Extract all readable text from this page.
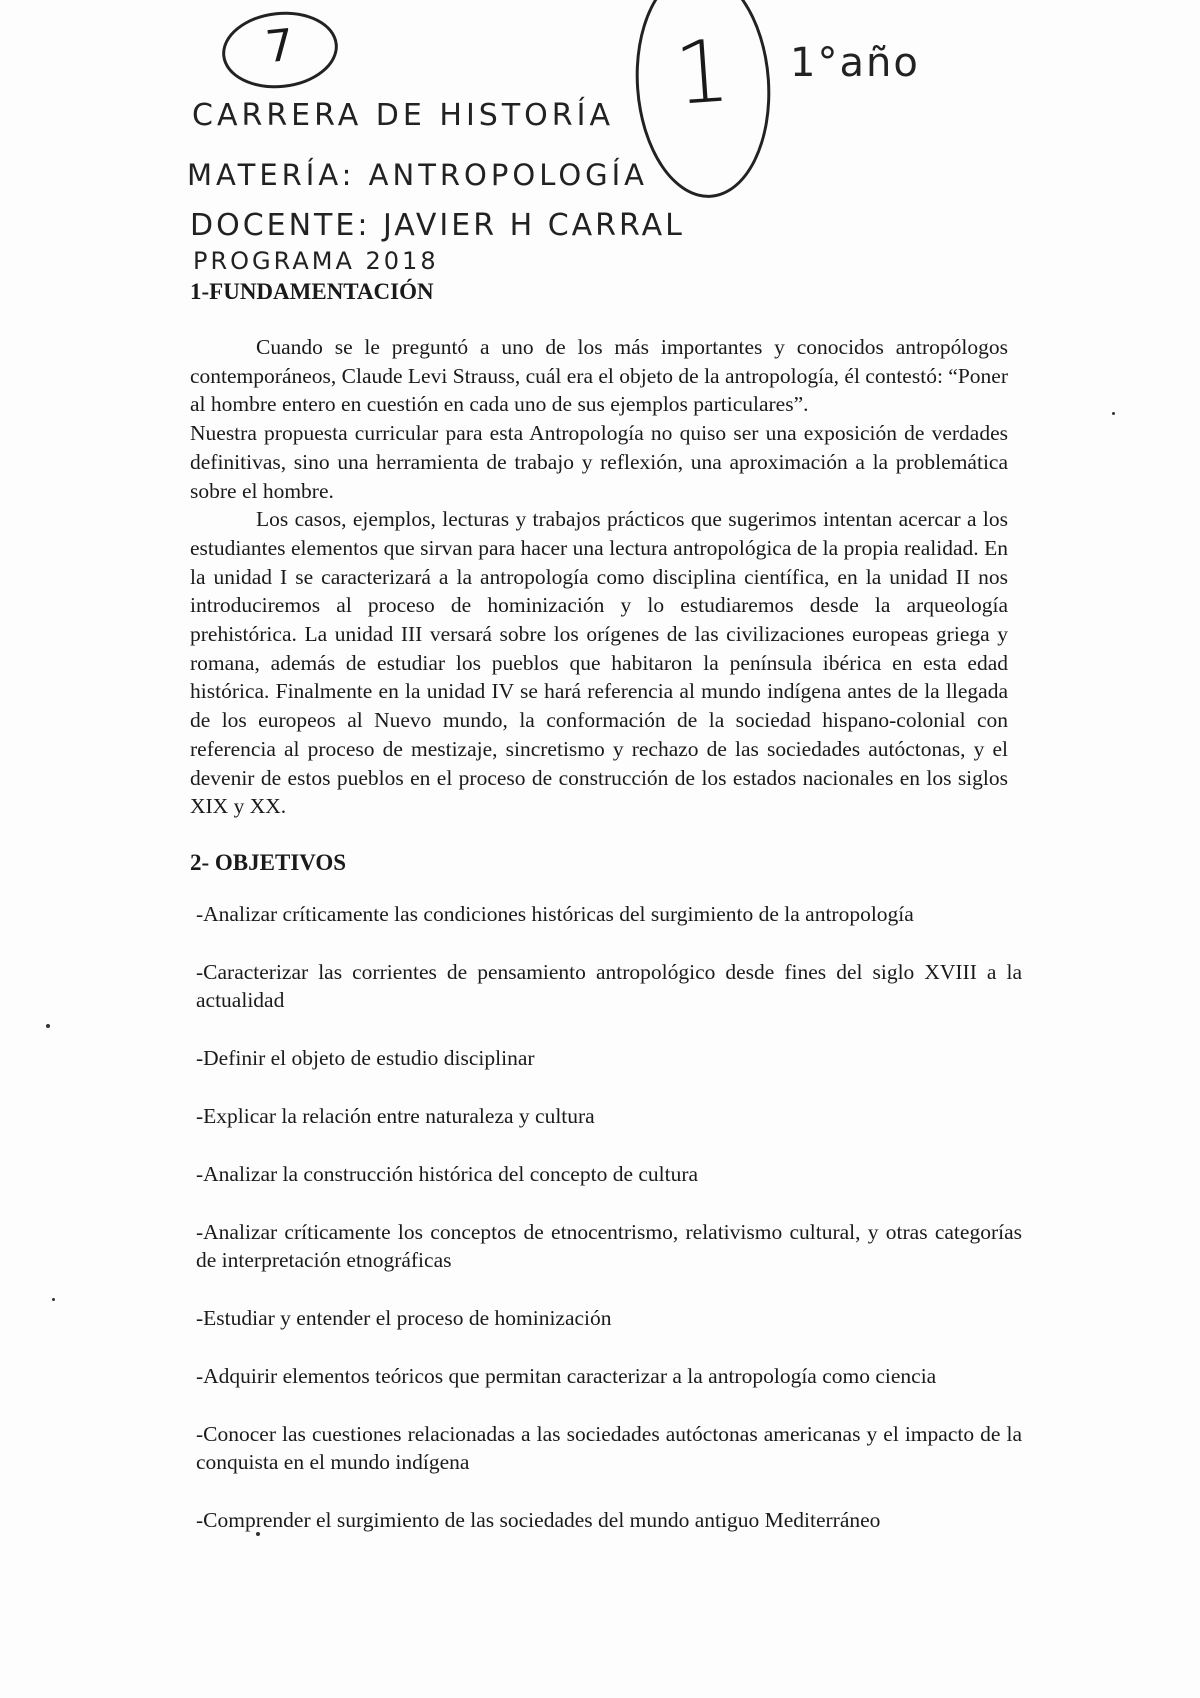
7	1	1°año
CARRERA DE HISTORÍA
MATERÍA: ANTROPOLOGÍA
DOCENTE: JAVIER H CARRAL
PROGRAMA 2018
1-FUNDAMENTACIÓN

Cuando se le preguntó a uno de los más importantes y conocidos antropólogos contemporáneos, Claude Levi Strauss, cuál era el objeto de la antropología, él contestó: “Poner al hombre entero en cuestión en cada uno de sus ejemplos particulares”.

Nuestra propuesta curricular para esta Antropología no quiso ser una exposición de verdades definitivas, sino una herramienta de trabajo y reflexión, una aproximación a la problemática sobre el hombre.

Los casos, ejemplos, lecturas y trabajos prácticos que sugerimos intentan acercar a los estudiantes elementos que sirvan para hacer una lectura antropológica de la propia realidad. En la unidad I se caracterizará a la antropología como disciplina científica, en la unidad II nos introduciremos al proceso de hominización y lo estudiaremos desde la arqueología prehistórica. La unidad III versará sobre los orígenes de las civilizaciones europeas griega y romana, además de estudiar los pueblos que habitaron la península ibérica en esta edad histórica. Finalmente en la unidad IV se hará referencia al mundo indígena antes de la llegada de los europeos al Nuevo mundo, la conformación de la sociedad hispano-colonial con referencia al proceso de mestizaje, sincretismo y rechazo de las sociedades autóctonas, y el devenir de estos pueblos en el proceso de construcción de los estados nacionales en los siglos XIX y XX.

2- OBJETIVOS
-Analizar críticamente las condiciones históricas del surgimiento de la antropología
-Caracterizar las corrientes de pensamiento antropológico desde fines del siglo XVIII a la actualidad
-Definir el objeto de estudio disciplinar
-Explicar la relación entre naturaleza y cultura
-Analizar la construcción histórica del concepto de cultura
-Analizar críticamente los conceptos de etnocentrismo, relativismo cultural, y otras categorías de interpretación etnográficas
-Estudiar y entender el proceso de hominización
-Adquirir elementos teóricos que permitan caracterizar a la antropología como ciencia
-Conocer las cuestiones relacionadas a las sociedades autóctonas americanas y el impacto de la conquista en el mundo indígena
-Comprender el surgimiento de las sociedades del mundo antiguo Mediterráneo
